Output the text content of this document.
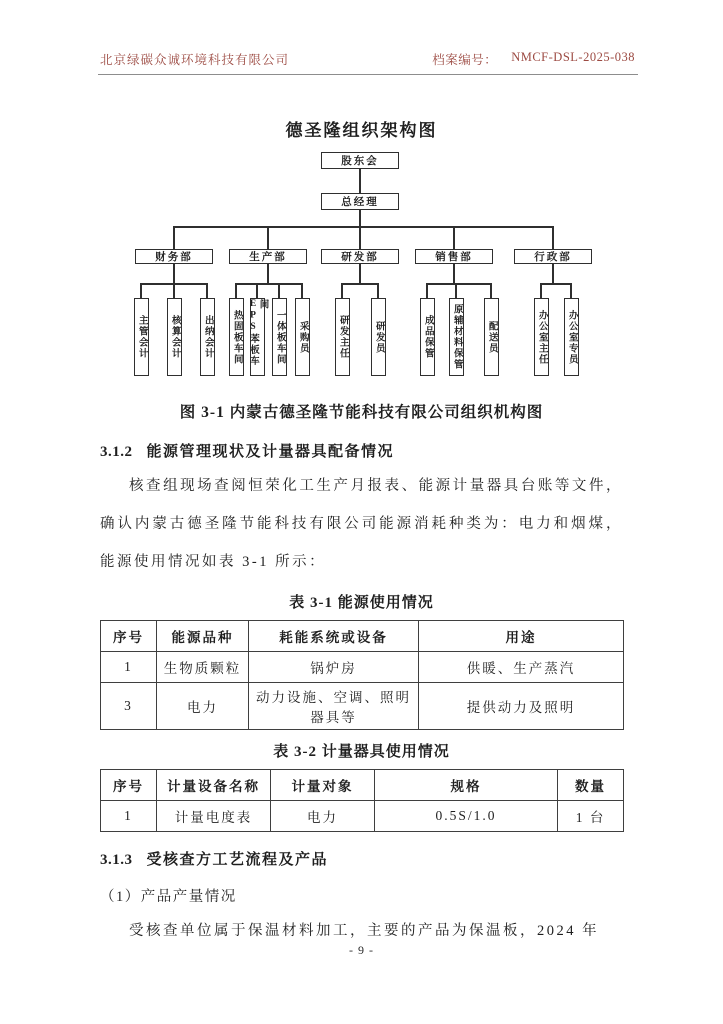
北京绿碳众诚环境科技有限公司	档案编号： NMCF-DSL-2025-038
德圣隆组织架构图
股东会
总经理
财务部
主管会计	核算会计	出纳会计
生产部
热固板车间 EPS苯板车间
一体板车间	采购员
研发部
研发主任	研发员
销售部
成品保管	原辅材料保管	配送员
行政部
办公室主任	办公室专员
图 3-1 内蒙古德圣隆节能科技有限公司组织机构图

3.1.2 能源管理现状及计量器具配备情况

核查组现场查阅恒荣化工生产月报表、能源计量器具台账等文件，确认内蒙古德圣隆节能科技有限公司能源消耗种类为：电力和烟煤，能源使用情况如表 3-1 所示：

表 3-1 能源使用情况
序号	能源品种	耗能系统或设备	用途
1	生物质颗粒	锅炉房	供暖、生产蒸汽
3	电力	动力设施、空调、照明器具等	提供动力及照明
表 3-2 计量器具使用情况
序号	计量设备名称	计量对象	规格	数量
1	计量电度表	电力	0.5S/1.0	1 台

3.1.3 受核查方工艺流程及产品

（1）产品产量情况

受核查单位属于保温材料加工，主要的产品为保温板，2024 年

- 9 -
